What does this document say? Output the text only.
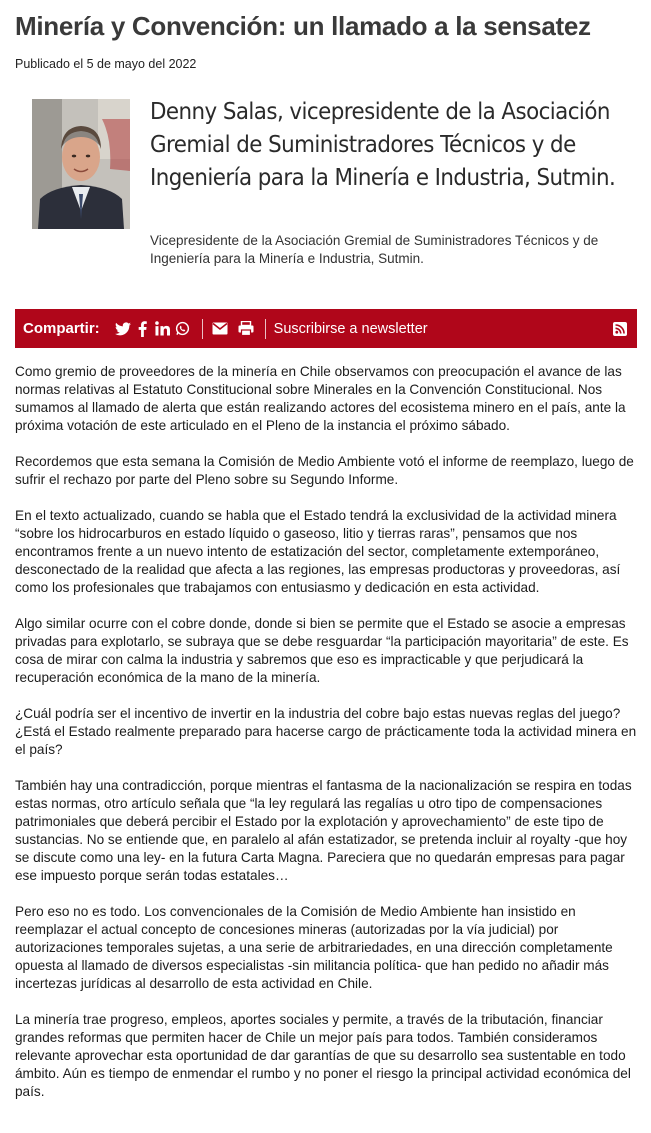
Minería y Convención: un llamado a la sensatez
Publicado el 5 de mayo del 2022
Denny Salas, vicepresidente de la Asociación Gremial de Suministradores Técnicos y de Ingeniería para la Minería e Industria, Sutmin.
Vicepresidente de la Asociación Gremial de Suministradores Técnicos y de Ingeniería para la Minería e Industria, Sutmin.
Compartir:	Suscribirse a newsletter

Como gremio de proveedores de la minería en Chile observamos con preocupación el avance de las normas relativas al Estatuto Constitucional sobre Minerales en la Convención Constitucional. Nos sumamos al llamado de alerta que están realizando actores del ecosistema minero en el país, ante la próxima votación de este articulado en el Pleno de la instancia el próximo sábado.

Recordemos que esta semana la Comisión de Medio Ambiente votó el informe de reemplazo, luego de sufrir el rechazo por parte del Pleno sobre su Segundo Informe.

En el texto actualizado, cuando se habla que el Estado tendrá la exclusividad de la actividad minera “sobre los hidrocarburos en estado líquido o gaseoso, litio y tierras raras”, pensamos que nos encontramos frente a un nuevo intento de estatización del sector, completamente extemporáneo, desconectado de la realidad que afecta a las regiones, las empresas productoras y proveedoras, así como los profesionales que trabajamos con entusiasmo y dedicación en esta actividad.

Algo similar ocurre con el cobre donde, donde si bien se permite que el Estado se asocie a empresas privadas para explotarlo, se subraya que se debe resguardar “la participación mayoritaria” de este. Es cosa de mirar con calma la industria y sabremos que eso es impracticable y que perjudicará la recuperación económica de la mano de la minería.

¿Cuál podría ser el incentivo de invertir en la industria del cobre bajo estas nuevas reglas del juego? ¿Está el Estado realmente preparado para hacerse cargo de prácticamente toda la actividad minera en el país?

También hay una contradicción, porque mientras el fantasma de la nacionalización se respira en todas estas normas, otro artículo señala que “la ley regulará las regalías u otro tipo de compensaciones patrimoniales que deberá percibir el Estado por la explotación y aprovechamiento” de este tipo de sustancias. No se entiende que, en paralelo al afán estatizador, se pretenda incluir al royalty -que hoy se discute como una ley- en la futura Carta Magna. Pareciera que no quedarán empresas para pagar ese impuesto porque serán todas estatales…

Pero eso no es todo. Los convencionales de la Comisión de Medio Ambiente han insistido en reemplazar el actual concepto de concesiones mineras (autorizadas por la vía judicial) por autorizaciones temporales sujetas, a una serie de arbitrariedades, en una dirección completamente opuesta al llamado de diversos especialistas -sin militancia política- que han pedido no añadir más incertezas jurídicas al desarrollo de esta actividad en Chile.

La minería trae progreso, empleos, aportes sociales y permite, a través de la tributación, financiar grandes reformas que permiten hacer de Chile un mejor país para todos. También consideramos relevante aprovechar esta oportunidad de dar garantías de que su desarrollo sea sustentable en todo ámbito. Aún es tiempo de enmendar el rumbo y no poner el riesgo la principal actividad económica del país.
